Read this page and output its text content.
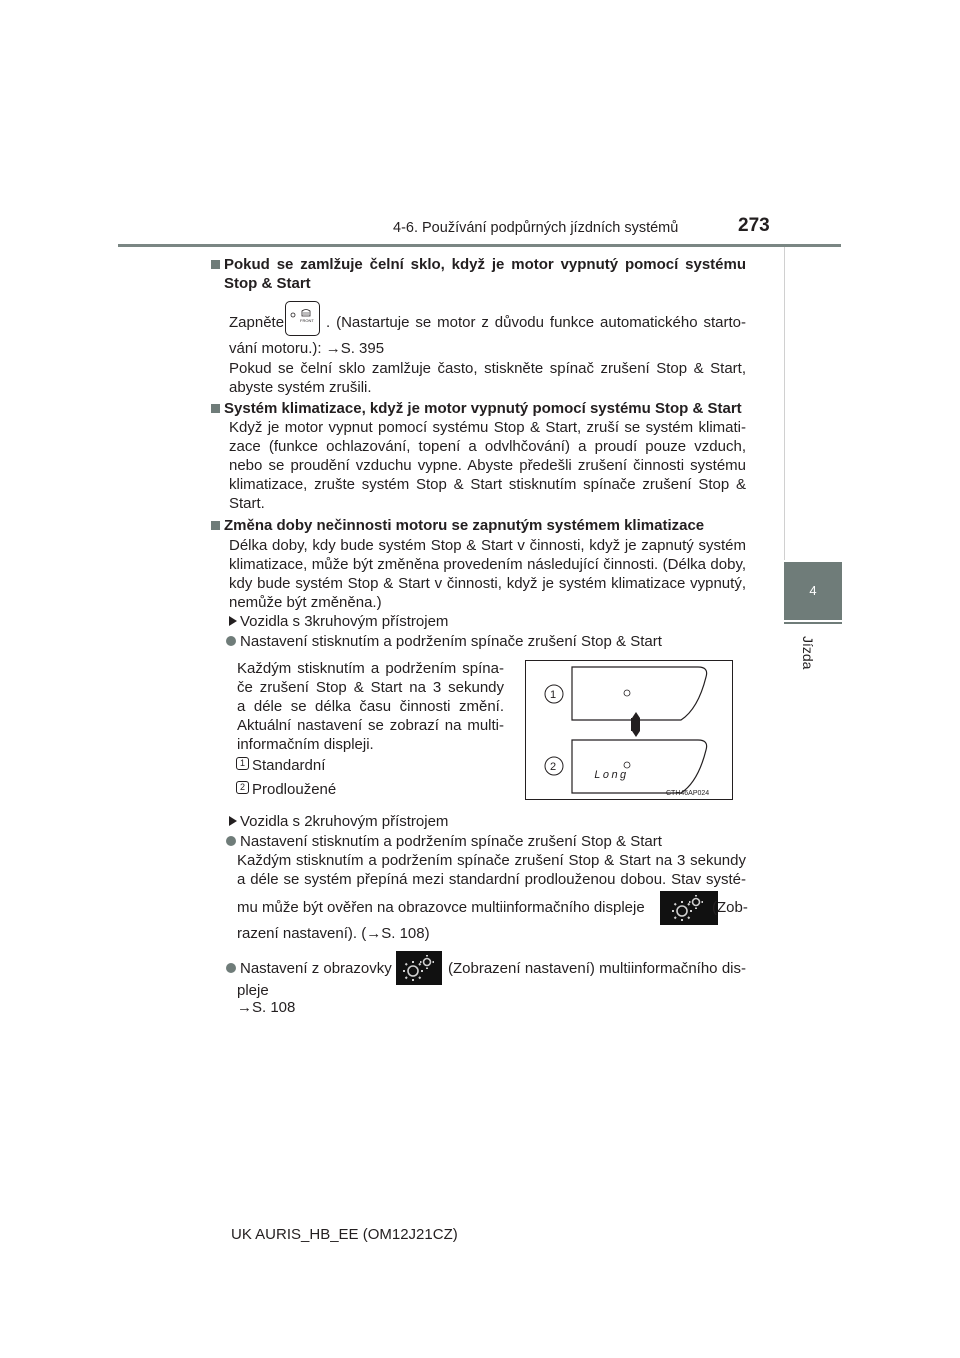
4-6. Používání podpůrných jízdních systémů	273
4
Jízda
Pokud se zamlžuje čelní sklo, když je motor vypnutý pomocí systému
Stop & Start
Zapněte	FRONT . (Nastartuje se motor z důvodu funkce automatického starto-
vání motoru.): →S. 395
Pokud se čelní sklo zamlžuje často, stiskněte spínač zrušení Stop & Start,
abyste systém zrušili.
Systém klimatizace, když je motor vypnutý pomocí systému Stop & Start
Když je motor vypnut pomocí systému Stop & Start, zruší se systém klimati-
zace (funkce ochlazování, topení a odvlhčování) a proudí pouze vzduch,
nebo se proudění vzduchu vypne. Abyste předešli zrušení činnosti systému
klimatizace, zrušte systém Stop & Start stisknutím spínače zrušení Stop &
Start.
Změna doby nečinnosti motoru se zapnutým systémem klimatizace
Délka doby, kdy bude systém Stop & Start v činnosti, když je zapnutý systém
klimatizace, může být změněna provedením následující činnosti. (Délka doby,
kdy bude systém Stop & Start v činnosti, když je systém klimatizace vypnutý,
nemůže být změněna.)
Vozidla s 3kruhovým přístrojem
Nastavení stisknutím a podržením spínače zrušení Stop & Start
Každým stisknutím a podržením spína-
če zrušení Stop & Start na 3 sekundy
a déle se délka času činnosti změní.
Aktuální nastavení se zobrazí na multi-
informačním displeji.
1 Standardní
2 Prodloužené
1
2
Long
CTH46AP024
Vozidla s 2kruhovým přístrojem
Nastavení stisknutím a podržením spínače zrušení Stop & Start
Každým stisknutím a podržením spínače zrušení Stop & Start na 3 sekundy
a déle se systém přepíná mezi standardní prodlouženou dobou. Stav systé-
mu může být ověřen na obrazovce multiinformačního displeje	(Zob-
razení nastavení). (→S. 108)
Nastavení z obrazovky	(Zobrazení nastavení) multiinformačního dis-
pleje
→S. 108
UK AURIS_HB_EE (OM12J21CZ)
